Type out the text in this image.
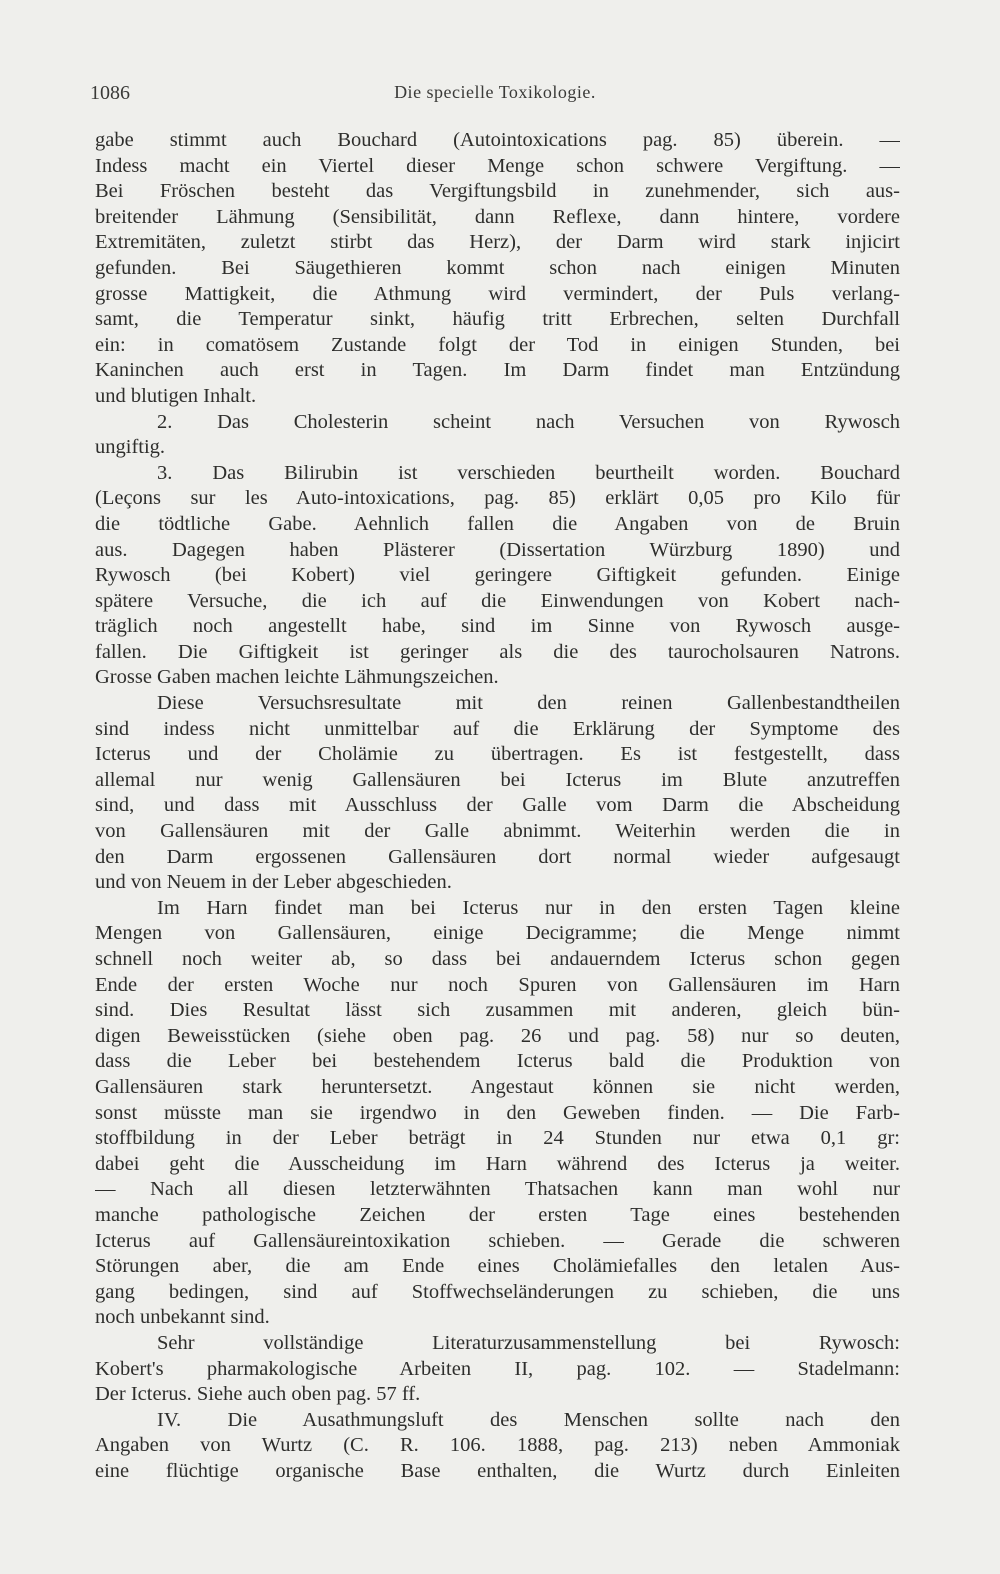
1086	Die specielle Toxikologie.
gabe stimmt auch Bouchard (Autointoxications pag. 85) überein. —
Indess macht ein Viertel dieser Menge schon schwere Vergiftung. —
Bei Fröschen besteht das Vergiftungsbild in zunehmender, sich aus-
breitender Lähmung (Sensibilität, dann Reflexe, dann hintere, vordere
Extremitäten, zuletzt stirbt das Herz), der Darm wird stark injicirt
gefunden. Bei Säugethieren kommt schon nach einigen Minuten
grosse Mattigkeit, die Athmung wird vermindert, der Puls verlang-
samt, die Temperatur sinkt, häufig tritt Erbrechen, selten Durchfall
ein: in comatösem Zustande folgt der Tod in einigen Stunden, bei
Kaninchen auch erst in Tagen. Im Darm findet man Entzündung
und blutigen Inhalt.
2. Das Cholesterin scheint nach Versuchen von Rywosch
ungiftig.
3. Das Bilirubin ist verschieden beurtheilt worden. Bouchard
(Leçons sur les Auto-intoxications, pag. 85) erklärt 0,05 pro Kilo für
die tödtliche Gabe. Aehnlich fallen die Angaben von de Bruin
aus. Dagegen haben Plästerer (Dissertation Würzburg 1890) und
Rywosch (bei Kobert) viel geringere Giftigkeit gefunden. Einige
spätere Versuche, die ich auf die Einwendungen von Kobert nach-
träglich noch angestellt habe, sind im Sinne von Rywosch ausge-
fallen. Die Giftigkeit ist geringer als die des taurocholsauren Natrons.
Grosse Gaben machen leichte Lähmungszeichen.
Diese Versuchsresultate mit den reinen Gallenbestandtheilen
sind indess nicht unmittelbar auf die Erklärung der Symptome des
Icterus und der Cholämie zu übertragen. Es ist festgestellt, dass
allemal nur wenig Gallensäuren bei Icterus im Blute anzutreffen
sind, und dass mit Ausschluss der Galle vom Darm die Abscheidung
von Gallensäuren mit der Galle abnimmt. Weiterhin werden die in
den Darm ergossenen Gallensäuren dort normal wieder aufgesaugt
und von Neuem in der Leber abgeschieden.
Im Harn findet man bei Icterus nur in den ersten Tagen kleine
Mengen von Gallensäuren, einige Decigramme; die Menge nimmt
schnell noch weiter ab, so dass bei andauerndem Icterus schon gegen
Ende der ersten Woche nur noch Spuren von Gallensäuren im Harn
sind. Dies Resultat lässt sich zusammen mit anderen, gleich bün-
digen Beweisstücken (siehe oben pag. 26 und pag. 58) nur so deuten,
dass die Leber bei bestehendem Icterus bald die Produktion von
Gallensäuren stark heruntersetzt. Angestaut können sie nicht werden,
sonst müsste man sie irgendwo in den Geweben finden. — Die Farb-
stoffbildung in der Leber beträgt in 24 Stunden nur etwa 0,1 gr:
dabei geht die Ausscheidung im Harn während des Icterus ja weiter.
— Nach all diesen letzterwähnten Thatsachen kann man wohl nur
manche pathologische Zeichen der ersten Tage eines bestehenden
Icterus auf Gallensäureintoxikation schieben. — Gerade die schweren
Störungen aber, die am Ende eines Cholämiefalles den letalen Aus-
gang bedingen, sind auf Stoffwechseländerungen zu schieben, die uns
noch unbekannt sind.
Sehr vollständige Literaturzusammenstellung bei Rywosch:
Kobert's pharmakologische Arbeiten II, pag. 102. — Stadelmann:
Der Icterus. Siehe auch oben pag. 57 ff.
IV. Die Ausathmungsluft des Menschen sollte nach den
Angaben von Wurtz (C. R. 106. 1888, pag. 213) neben Ammoniak
eine flüchtige organische Base enthalten, die Wurtz durch Einleiten
